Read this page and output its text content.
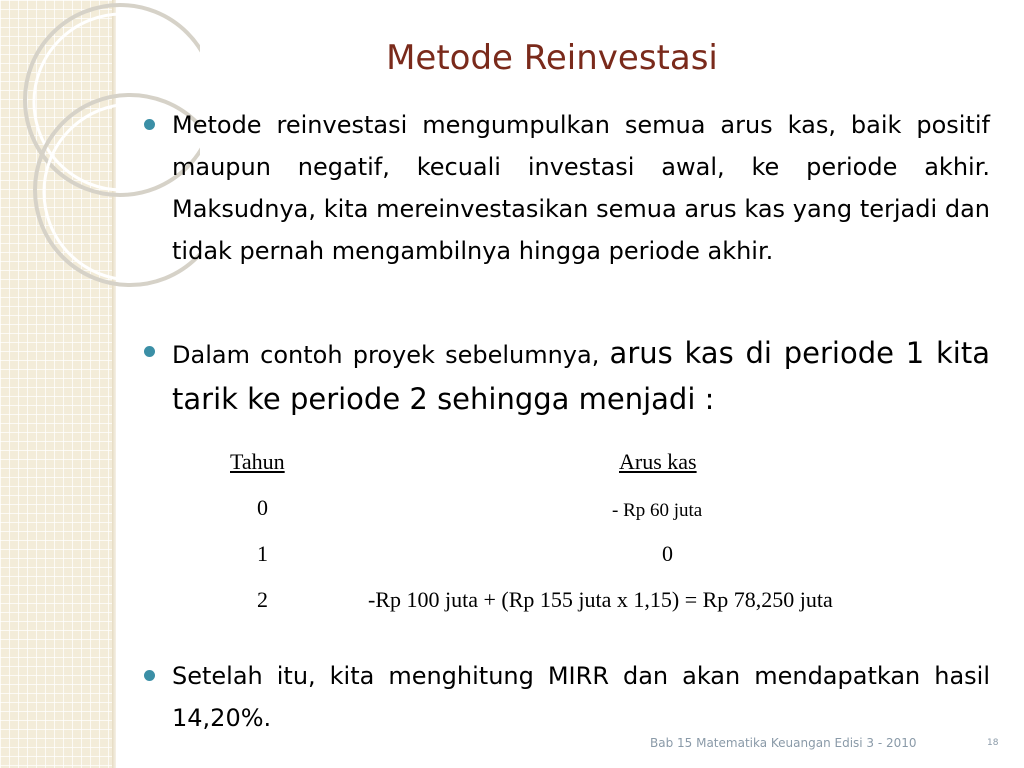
Metode Reinvestasi
Metode reinvestasi mengumpulkan semua arus kas, baik positif maupun negatif, kecuali investasi awal, ke periode akhir. Maksudnya, kita mereinvestasikan semua arus kas yang terjadi dan tidak pernah mengambilnya hingga periode akhir.
Dalam contoh proyek sebelumnya, arus kas di periode 1 kita tarik ke periode 2 sehingga menjadi :
Tahun	Arus kas
0	- Rp 60 juta
1	0
2	-Rp 100 juta + (Rp 155 juta x 1,15) = Rp 78,250 juta
Setelah itu, kita menghitung MIRR dan akan mendapatkan hasil 14,20%.
Bab 15 Matematika Keuangan Edisi 3 - 2010	18
